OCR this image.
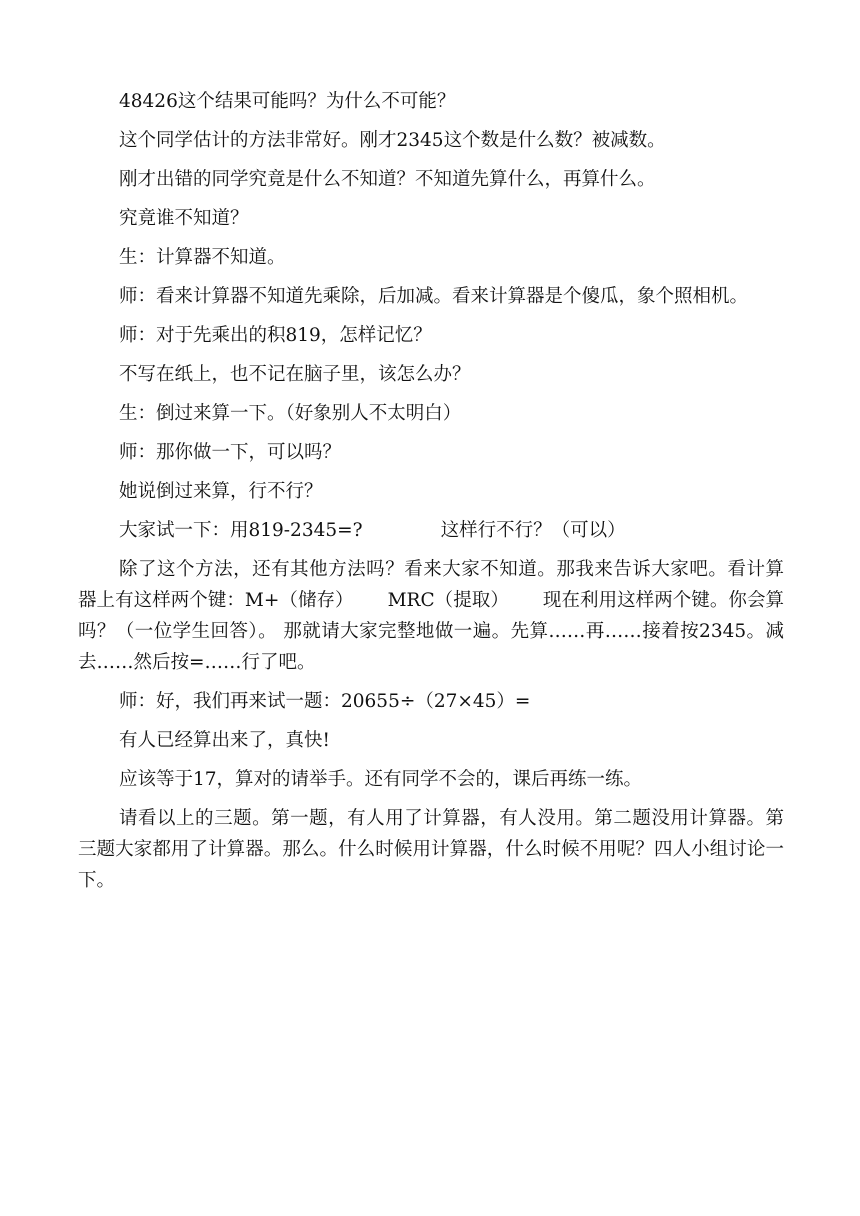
48426这个结果可能吗？为什么不可能？

这个同学估计的方法非常好。刚才2345这个数是什么数？被减数。

刚才出错的同学究竟是什么不知道？不知道先算什么，再算什么。

究竟谁不知道？

生：计算器不知道。

师：看来计算器不知道先乘除，后加减。看来计算器是个傻瓜，象个照相机。

师：对于先乘出的积819，怎样记忆？

不写在纸上，也不记在脑子里，该怎么办？

生：倒过来算一下。（好象别人不太明白）

师：那你做一下，可以吗？

她说倒过来算，行不行？

大家试一下：用819-2345=?	这样行不行？（可以）

除了这个方法，还有其他方法吗？看来大家不知道。那我来告诉大家吧。看计算器上有这样两个键：M+（储存） MRC（提取） 现在利用这样两个键。你会算吗？（一位学生回答）。 那就请大家完整地做一遍。先算……再……接着按2345。减去……然后按=……行了吧。

师：好，我们再来试一题：20655÷（27×45）=

有人已经算出来了，真快!

应该等于17，算对的请举手。还有同学不会的，课后再练一练。

请看以上的三题。第一题，有人用了计算器，有人没用。第二题没用计算器。第三题大家都用了计算器。那么。什么时候用计算器，什么时候不用呢？四人小组讨论一下。
